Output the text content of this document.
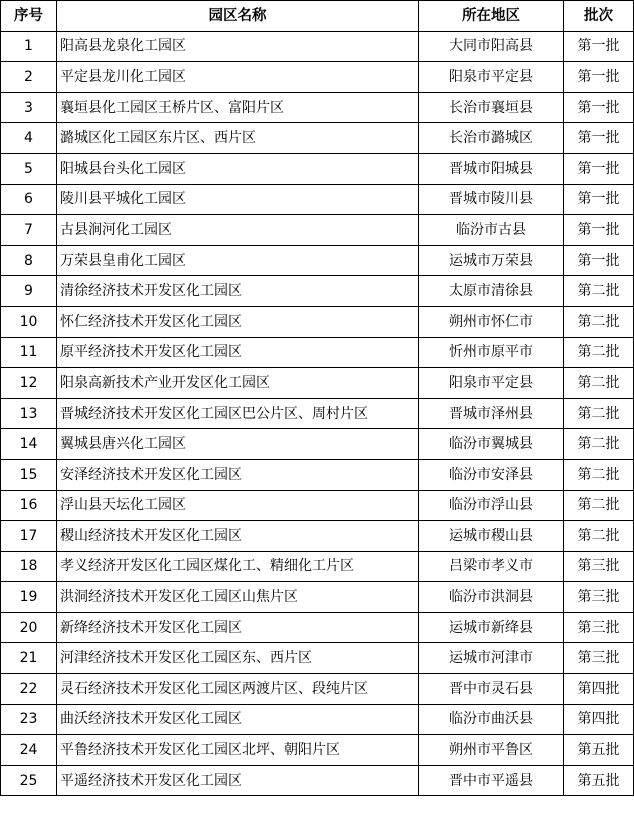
序号	园区名称	所在地区	批次
1	阳高县龙泉化工园区	大同市阳高县	第一批
2	平定县龙川化工园区	阳泉市平定县	第一批
3	襄垣县化工园区王桥片区、富阳片区	长治市襄垣县	第一批
4	潞城区化工园区东片区、西片区	长治市潞城区	第一批
5	阳城县台头化工园区	晋城市阳城县	第一批
6	陵川县平城化工园区	晋城市陵川县	第一批
7	古县涧河化工园区	临汾市古县	第一批
8	万荣县皇甫化工园区	运城市万荣县	第一批
9	清徐经济技术开发区化工园区	太原市清徐县	第二批
10	怀仁经济技术开发区化工园区	朔州市怀仁市	第二批
11	原平经济技术开发区化工园区	忻州市原平市	第二批
12	阳泉高新技术产业开发区化工园区	阳泉市平定县	第二批
13	晋城经济技术开发区化工园区巴公片区、周村片区	晋城市泽州县	第二批
14	翼城县唐兴化工园区	临汾市翼城县	第二批
15	安泽经济技术开发区化工园区	临汾市安泽县	第二批
16	浮山县天坛化工园区	临汾市浮山县	第二批
17	稷山经济技术开发区化工园区	运城市稷山县	第二批
18	孝义经济开发区化工园区煤化工、精细化工片区	吕梁市孝义市	第三批
19	洪洞经济技术开发区化工园区山焦片区	临汾市洪洞县	第三批
20	新绛经济技术开发区化工园区	运城市新绛县	第三批
21	河津经济技术开发区化工园区东、西片区	运城市河津市	第三批
22	灵石经济技术开发区化工园区两渡片区、段纯片区	晋中市灵石县	第四批
23	曲沃经济技术开发区化工园区	临汾市曲沃县	第四批
24	平鲁经济技术开发区化工园区北坪、朝阳片区	朔州市平鲁区	第五批
25	平遥经济技术开发区化工园区	晋中市平遥县	第五批
